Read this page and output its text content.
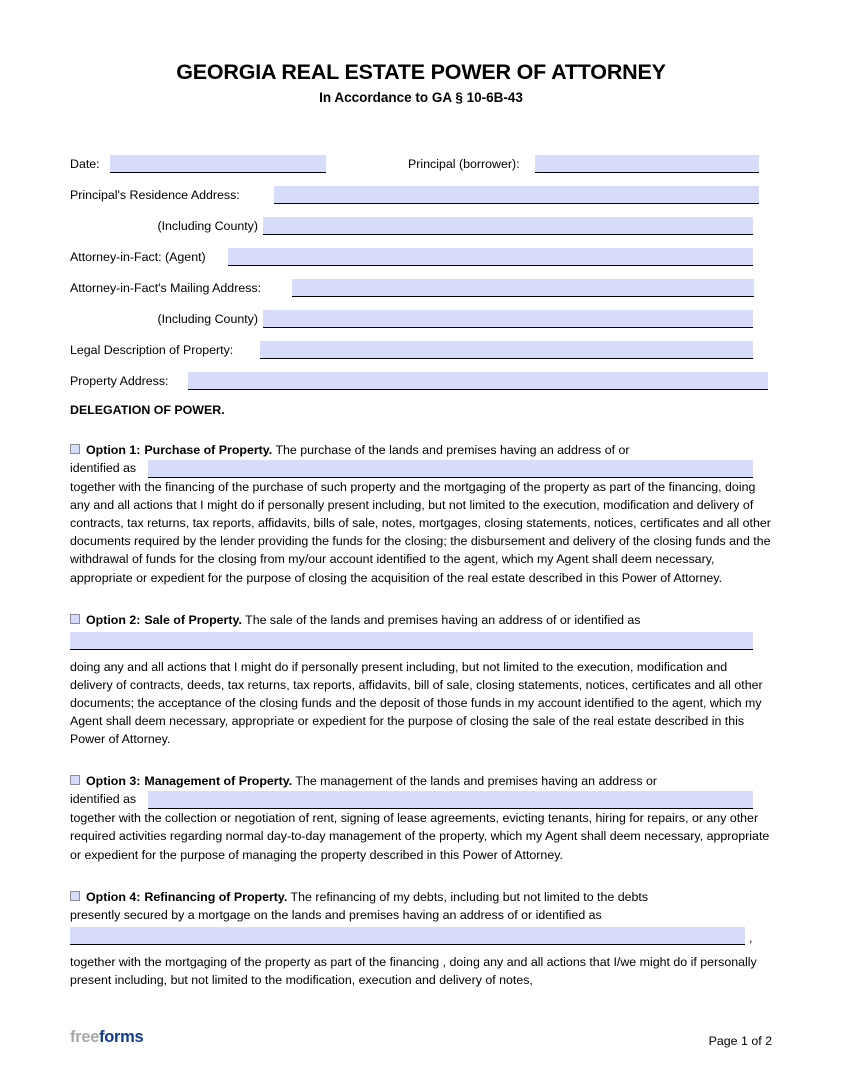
GEORGIA REAL ESTATE POWER OF ATTORNEY
In Accordance to GA § 10-6B-43
Date:	Principal (borrower):
Principal's Residence Address:
(Including County)
Attorney-in-Fact: (Agent)
Attorney-in-Fact's Mailing Address:
(Including County)
Legal Description of Property:
Property Address:
DELEGATION OF POWER.
Option 1: Purchase of Property. The purchase of the lands and premises having an address of or
identified as

together with the financing of the purchase of such property and the mortgaging of the property as part of the financing, doing any and all actions that I might do if personally present including, but not limited to the execution, modification and delivery of contracts, tax returns, tax reports, affidavits, bills of sale, notes, mortgages, closing statements, notices, certificates and all other documents required by the lender providing the funds for the closing; the disbursement and delivery of the closing funds and the withdrawal of funds for the closing from my/our account identified to the agent, which my Agent shall deem necessary, appropriate or expedient for the purpose of closing the acquisition of the real estate described in this Power of Attorney.

Option 2: Sale of Property. The sale of the lands and premises having an address of or identified as

doing any and all actions that I might do if personally present including, but not limited to the execution, modification and delivery of contracts, deeds, tax returns, tax reports, affidavits, bill of sale, closing statements, notices, certificates and all other documents; the acceptance of the closing funds and the deposit of those funds in my account identified to the agent, which my Agent shall deem necessary, appropriate or expedient for the purpose of closing the sale of the real estate described in this Power of Attorney.

Option 3: Management of Property. The management of the lands and premises having an address or
identified as

together with the collection or negotiation of rent, signing of lease agreements, evicting tenants, hiring for repairs, or any other required activities regarding normal day-to-day management of the property, which my Agent shall deem necessary, appropriate or expedient for the purpose of managing the property described in this Power of Attorney.

Option 4: Refinancing of Property. The refinancing of my debts, including but not limited to the debts
presently secured by a mortgage on the lands and premises having an address of or identified as
,

together with the mortgaging of the property as part of the financing , doing any and all actions that I/we might do if personally present including, but not limited to the modification, execution and delivery of notes,

freeforms	Page 1 of 2
